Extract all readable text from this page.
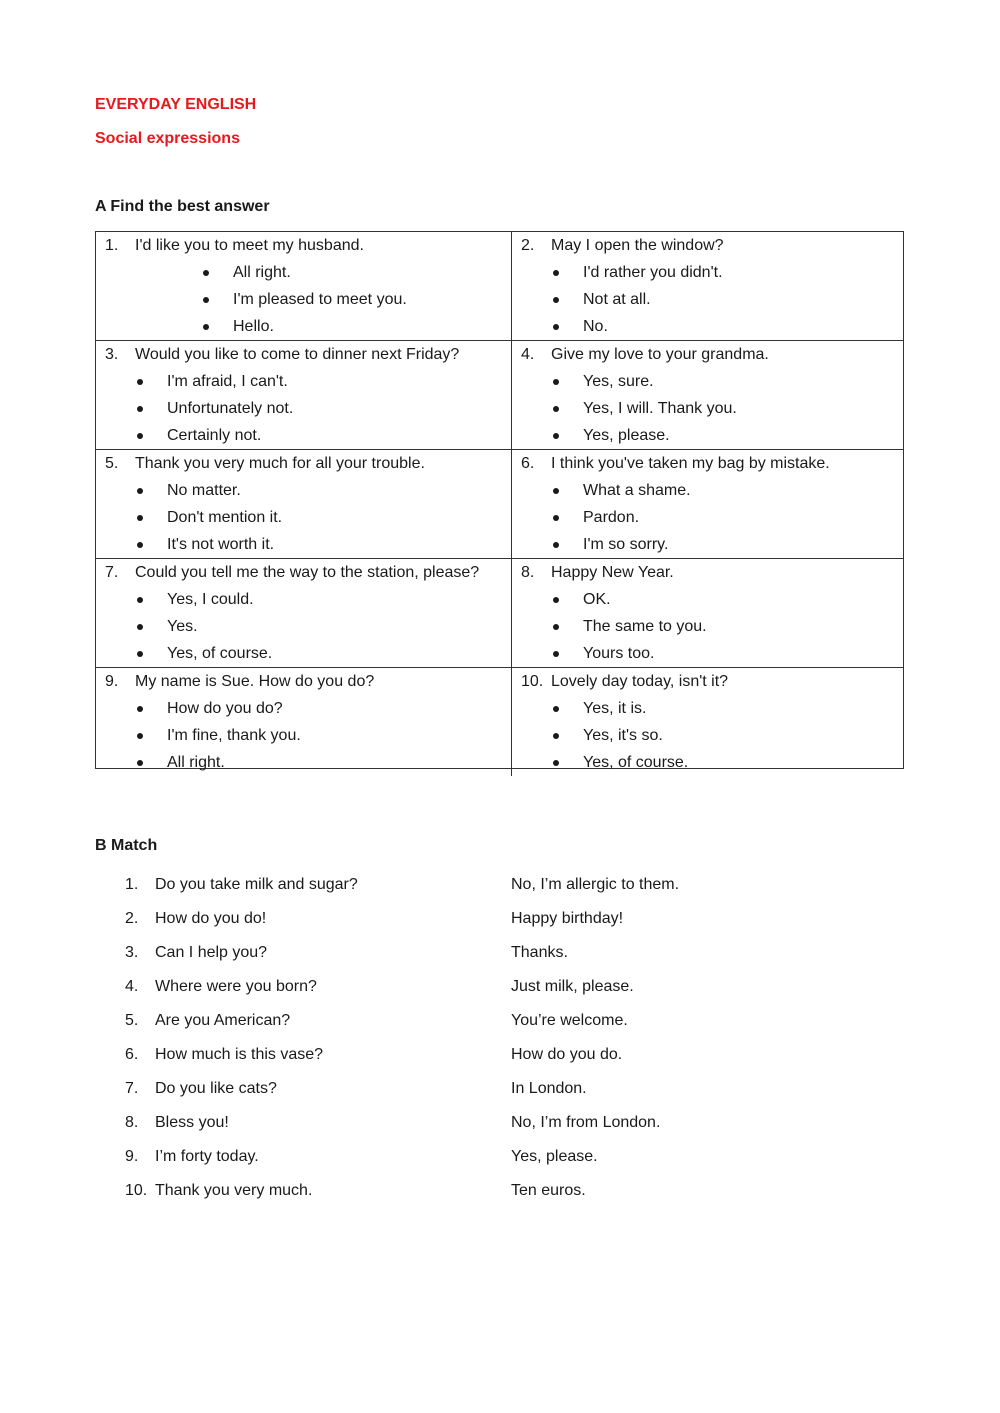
EVERYDAY ENGLISH
Social expressions
A Find the best answer
1.	I'd like you to meet my husband.
All right.
I'm pleased to meet you.
Hello.
2.	May I open the window?
I'd rather you didn't.
Not at all.
No.
3.	Would you like to come to dinner next Friday?
I'm afraid, I can't.
Unfortunately not.
Certainly not.
4.	Give my love to your grandma.
Yes, sure.
Yes, I will. Thank you.
Yes, please.
5.	Thank you very much for all your trouble.
No matter.
Don't mention it.
It's not worth it.
6.	I think you've taken my bag by mistake.
What a shame.
Pardon.
I'm so sorry.
7.	Could you tell me the way to the station, please?
Yes, I could.
Yes.
Yes, of course.
8.	Happy New Year.
OK.
The same to you.
Yours too.
9.	My name is Sue. How do you do?
How do you do?
I'm fine, thank you.
All right.
10. Lovely day today, isn't it?
Yes, it is.
Yes, it's so.
Yes, of course.
B Match
1.	Do you take milk and sugar?	No, I’m allergic to them.
2.	How do you do!	Happy birthday!
3.	Can I help you?	Thanks.
4.	Where were you born?	Just milk, please.
5.	Are you American?	You’re welcome.
6.	How much is this vase?	How do you do.
7.	Do you like cats?	In London.
8.	Bless you!	No, I’m from London.
9.	I’m forty today.	Yes, please.
10. Thank you very much.	Ten euros.
